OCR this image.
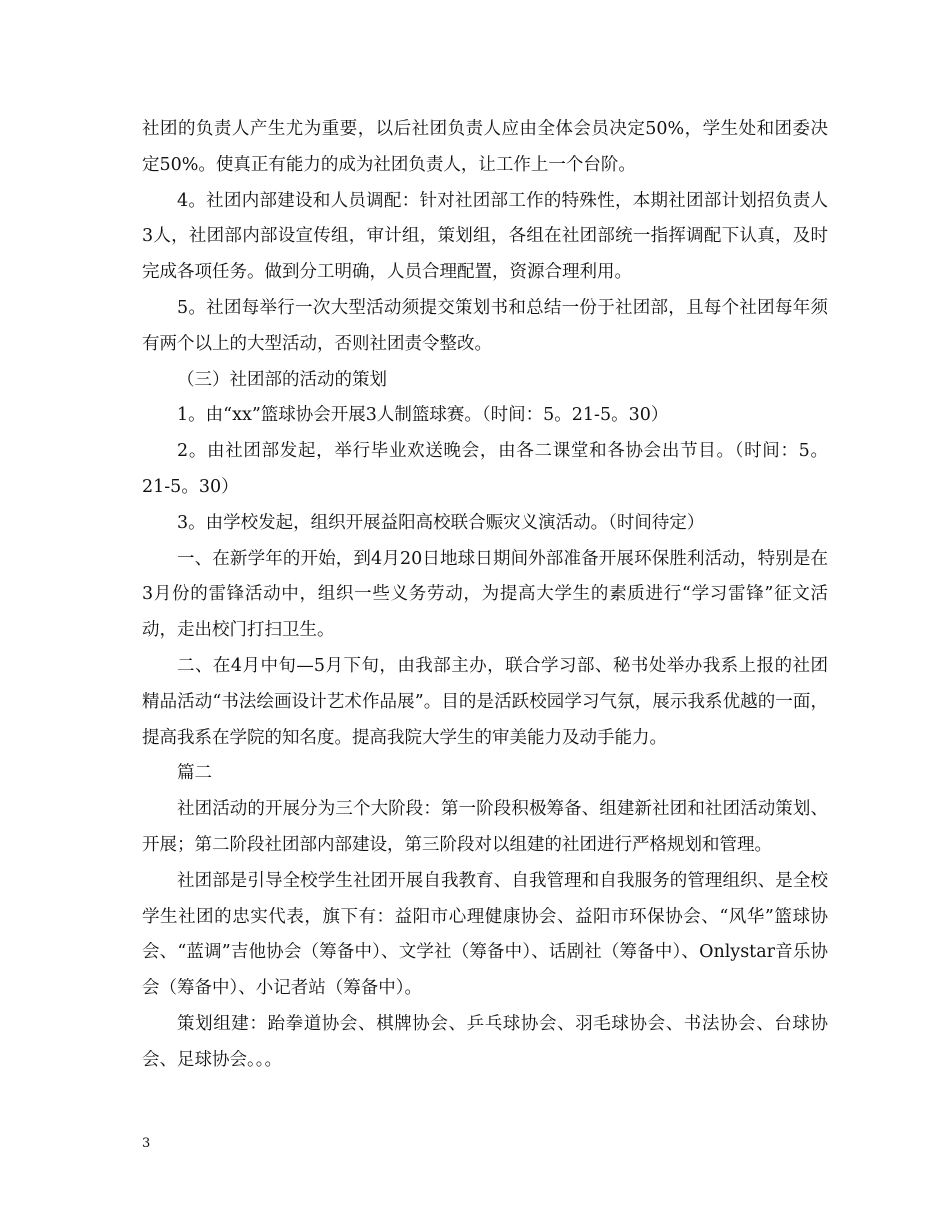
社团的负责人产生尤为重要，以后社团负责人应由全体会员决定50%，学生处和团委决定50%。使真正有能力的成为社团负责人，让工作上一个台阶。

4。社团内部建设和人员调配：针对社团部工作的特殊性，本期社团部计划招负责人3人，社团部内部设宣传组，审计组，策划组，各组在社团部统一指挥调配下认真，及时完成各项任务。做到分工明确，人员合理配置，资源合理利用。

5。社团每举行一次大型活动须提交策划书和总结一份于社团部，且每个社团每年须有两个以上的大型活动，否则社团责令整改。

（三）社团部的活动的策划

1。由“xx”篮球协会开展3人制篮球赛。（时间：5。21-5。30）

2。由社团部发起，举行毕业欢送晚会，由各二课堂和各协会出节目。（时间：5。21-5。30）

3。由学校发起，组织开展益阳高校联合赈灾义演活动。（时间待定）

一、在新学年的开始，到4月20日地球日期间外部准备开展环保胜利活动，特别是在3月份的雷锋活动中，组织一些义务劳动，为提高大学生的素质进行“学习雷锋”征文活动，走出校门打扫卫生。

二、在4月中旬—5月下旬，由我部主办，联合学习部、秘书处举办我系上报的社团精品活动“书法绘画设计艺术作品展”。目的是活跃校园学习气氛，展示我系优越的一面，提高我系在学院的知名度。提高我院大学生的审美能力及动手能力。

篇二

社团活动的开展分为三个大阶段：第一阶段积极筹备、组建新社团和社团活动策划、开展；第二阶段社团部内部建设，第三阶段对以组建的社团进行严格规划和管理。

社团部是引导全校学生社团开展自我教育、自我管理和自我服务的管理组织、是全校学生社团的忠实代表，旗下有：益阳市心理健康协会、益阳市环保协会、“风华”篮球协会、“蓝调”吉他协会（筹备中）、文学社（筹备中）、话剧社（筹备中）、Onlystar音乐协会（筹备中）、小记者站（筹备中）。

策划组建：跆拳道协会、棋牌协会、乒乓球协会、羽毛球协会、书法协会、台球协会、足球协会。。。

3
